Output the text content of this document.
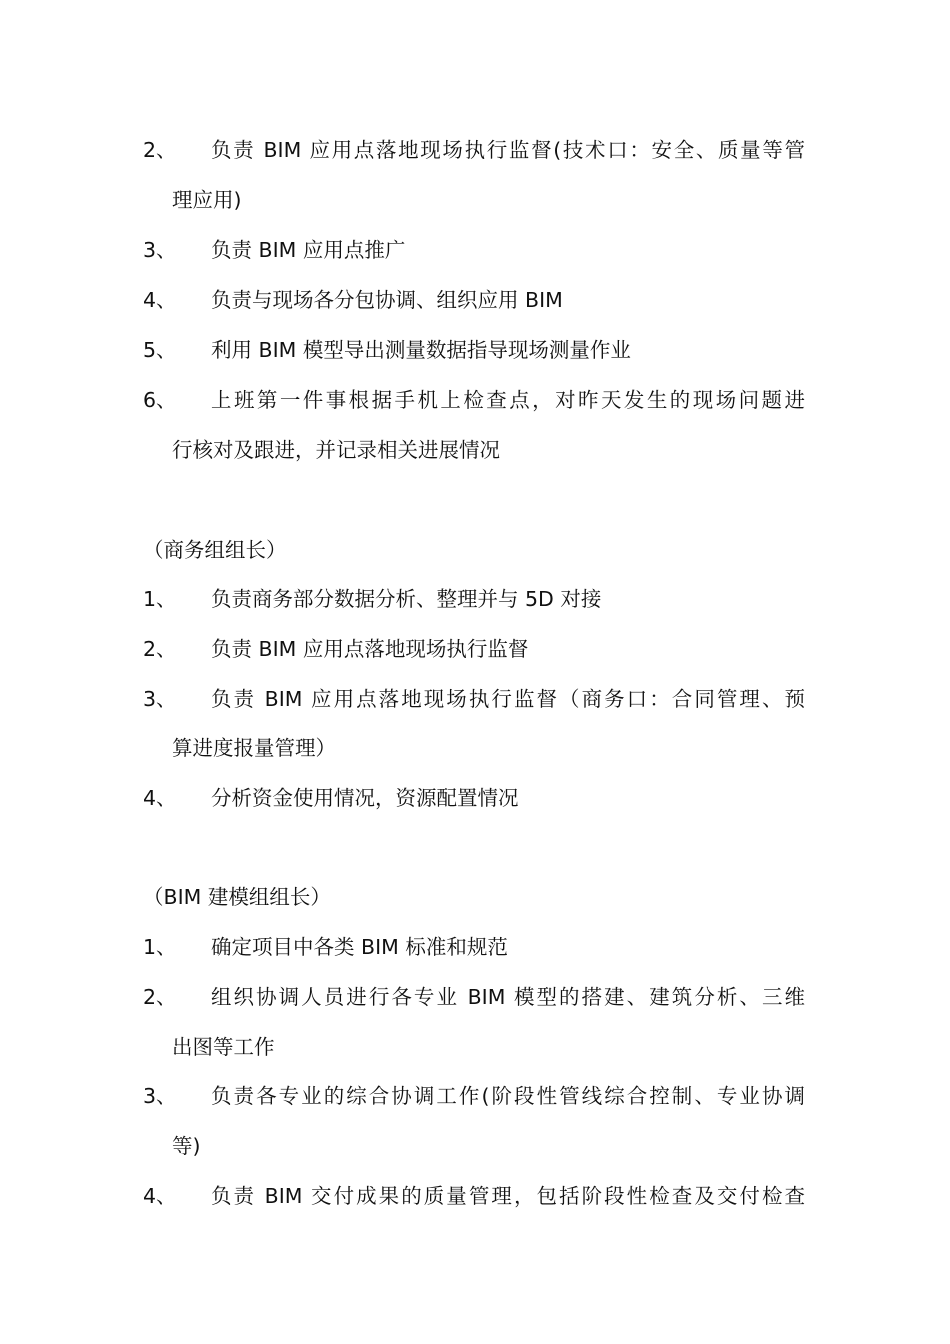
2、 负责 BIM 应用点落地现场执行监督(技术口：安全、质量等管
理应用)
3、 负责 BIM 应用点推广
4、 负责与现场各分包协调、组织应用 BIM
5、 利用 BIM 模型导出测量数据指导现场测量作业
6、 上班第一件事根据手机上检查点，对昨天发生的现场问题进
行核对及跟进，并记录相关进展情况
（商务组组长）
1、 负责商务部分数据分析、整理并与 5D 对接
2、 负责 BIM 应用点落地现场执行监督
3、 负责 BIM 应用点落地现场执行监督（商务口：合同管理、预
算进度报量管理）
4、 分析资金使用情况，资源配置情况
（BIM 建模组组长）
1、 确定项目中各类 BIM 标准和规范
2、 组织协调人员进行各专业 BIM 模型的搭建、建筑分析、三维
出图等工作
3、 负责各专业的综合协调工作(阶段性管线综合控制、专业协调
等)
4、 负责 BIM 交付成果的质量管理，包括阶段性检查及交付检查
